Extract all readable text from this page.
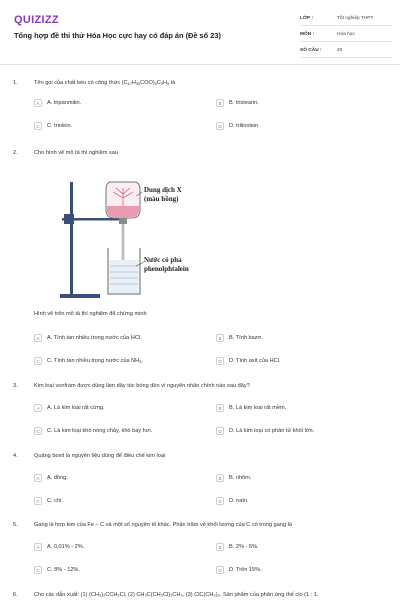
QUIZIZZ
Tổng hợp đề thi thử Hóa Học cực hay có đáp án (Đề số 23)
LỚP :	Tốt nghiệp THPT
MÔN :	Hóa học
SỐ CÂU :	40
1.	Tên gọi của chất béo có công thức $(C_{17}H_{35}COO)_3C_3H_5$ là
A	A. tripanmitin.	B	B. tristearin.
C	C. triolein.	D	D. trilinolein.
2.	Cho hình vẽ mô tả thí nghiệm sau
Dung dịch X
(màu hồng)
Nước có pha
phenolphtalein
Hình vẽ trên mô tả thí nghiệm để chứng minh
A	A. Tính tan nhiều trong nước của HCl.	B	B. Tính bazơ.
C	C. Tính tan nhiều trong nước của $NH_3$.	D	D. Tính axit của HCl.
3.	Kim loại vonfram được dùng làm dây tóc bóng đèn vì nguyên nhân chính nào sau đây?
A	A. Là kim loại rất cứng.	B	B. Là kim loại rất mềm.
C	C. Là kim loại khó nóng chảy, khó bay hơi.	D	D. Là kim loại có phân tử khối lớn.
4.	Quặng boxit là nguyên liệu dùng để điều chế kim loại
A	A. đồng.	B	B. nhôm.
C	C. chì.	D	D. natri.
5.	Gang là hợp kim của Fe – C và một số nguyên tố khác. Phần trăm về khối lượng của C có trong gang là
A	A. 0,01% - 2%.	B	B. 2% - 5%.
C	C. 8% - 12%.	D	D. Trên 15%.
6.	Cho các dẫn xuất: (1) (CH₃)₂CCH₂Cl, (2) CH₃C(CH₃Cl)₂CH₃, (3) ClC(CH₃)₃. Sản phẩm của phản ứng thế clo (1 : 1,
